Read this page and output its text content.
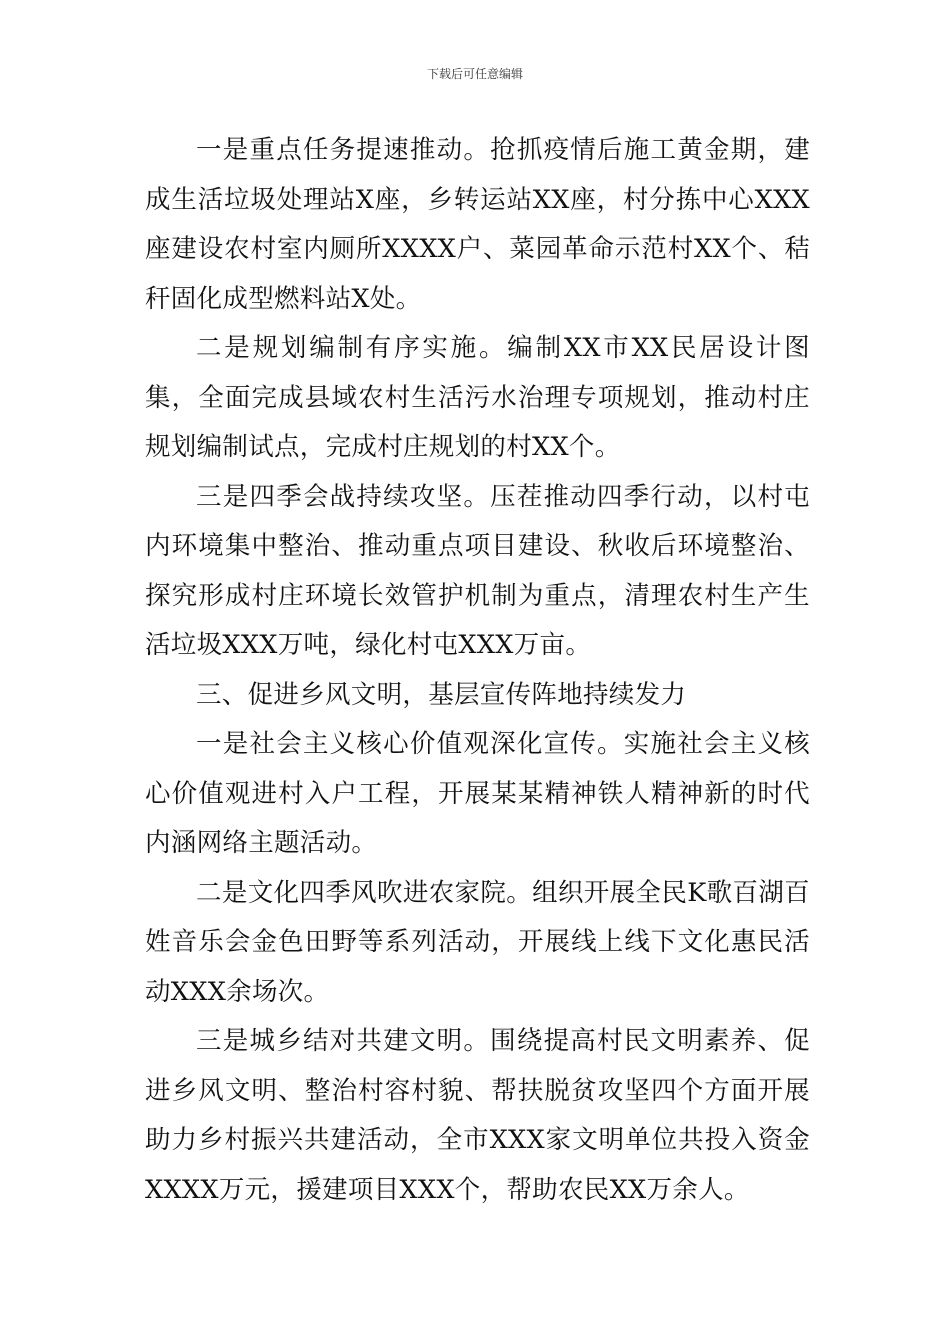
下载后可任意编辑

一是重点任务提速推动。抢抓疫情后施工黄金期，建成生活垃圾处理站X座，乡转运站XX座，村分拣中心XXX座建设农村室内厕所XXXX户、菜园革命示范村XX个、秸秆固化成型燃料站X处。

二是规划编制有序实施。编制XX市XX民居设计图集，全面完成县域农村生活污水治理专项规划，推动村庄规划编制试点，完成村庄规划的村XX个。

三是四季会战持续攻坚。压茬推动四季行动，以村屯内环境集中整治、推动重点项目建设、秋收后环境整治、探究形成村庄环境长效管护机制为重点，清理农村生产生活垃圾XXX万吨，绿化村屯XXX万亩。

三、促进乡风文明，基层宣传阵地持续发力

一是社会主义核心价值观深化宣传。实施社会主义核心价值观进村入户工程，开展某某精神铁人精神新的时代内涵网络主题活动。

二是文化四季风吹进农家院。组织开展全民K歌百湖百姓音乐会金色田野等系列活动，开展线上线下文化惠民活动XXX余场次。

三是城乡结对共建文明。围绕提高村民文明素养、促进乡风文明、整治村容村貌、帮扶脱贫攻坚四个方面开展助力乡村振兴共建活动，全市XXX家文明单位共投入资金XXXX万元，援建项目XXX个，帮助农民XX万余人。
